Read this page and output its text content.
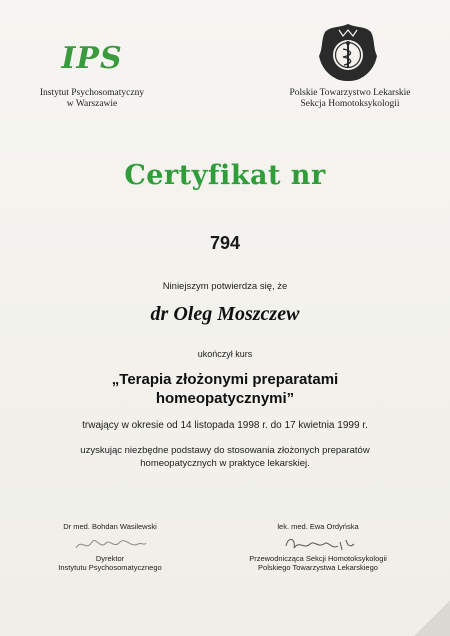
IPS
Instytut Psychosomatyczny
w Warszawie
Polskie Towarzystwo Lekarskie
Sekcja Homotoksykologii
Certyfikat nr
794
Niniejszym potwierdza się, że
dr Oleg Moszczew
ukończył kurs
„Terapia złożonymi preparatami
homeopatycznymi”
trwający w okresie od 14 listopada 1998 r. do 17 kwietnia 1999 r.
uzyskując niezbędne podstawy do stosowania złożonych preparatów
homeopatycznych w praktyce lekarskiej.
Dr med. Bohdan Wasilewski
Dyrektor
Instytutu Psychosomatycznego
lek. med. Ewa Ordyńska
Przewodnicząca Sekcji Homotoksykologii
Polskiego Towarzystwa Lekarskiego
